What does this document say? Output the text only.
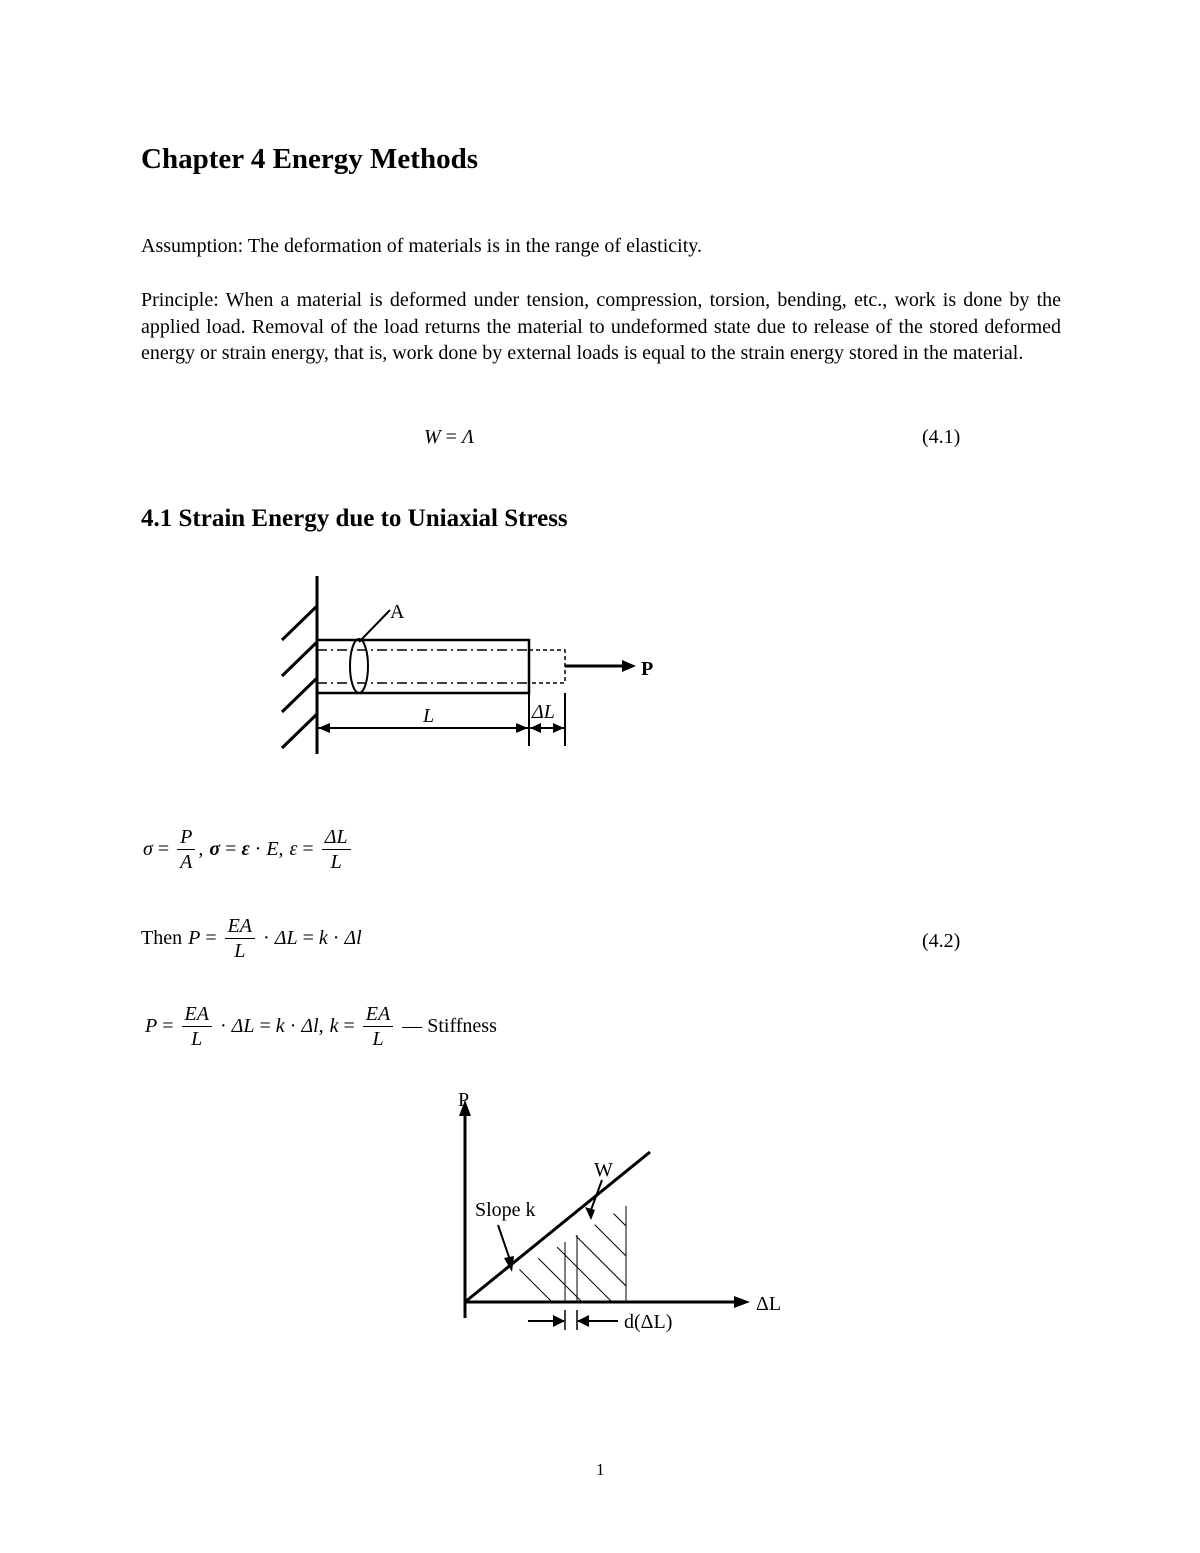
Chapter 4 Energy Methods
Assumption: The deformation of materials is in the range of elasticity.
Principle: When a material is deformed under tension, compression, torsion, bending, etc., work is done by the applied load. Removal of the load returns the material to undeformed state due to release of the stored deformed energy or strain energy, that is, work done by external loads is equal to the strain energy stored in the material.
W = Λ	(4.1)
4.1 Strain Energy due to Uniaxial Stress
A
P
L	ΔL
$\sigma = \frac{P}{A}$ , σ = ε · E , $\varepsilon = \frac{\Delta L}{L}$
Then $P = \frac{EA}{L} \cdot \Delta L = k \cdot \Delta l$	(4.2)
$P = \frac{EA}{L} \cdot \Delta L = k \cdot \Delta l$ , $k = \frac{EA}{L}$ — Stiffness
P
ΔL
W
Slope k
d(ΔL)
1
